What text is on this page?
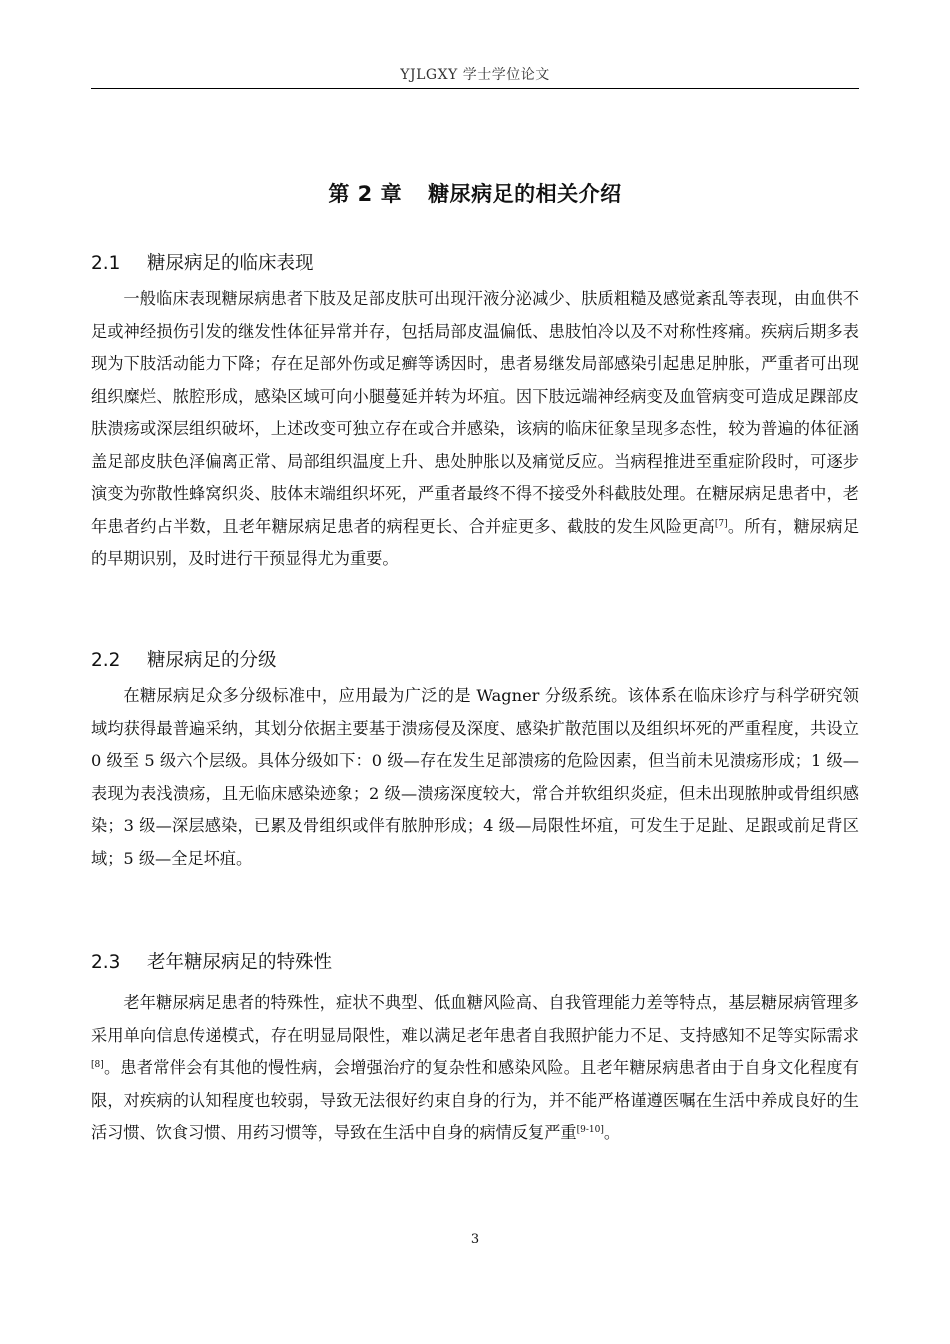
YJLGXY 学士学位论文
第 2 章 糖尿病足的相关介绍
2.1 糖尿病足的临床表现

一般临床表现糖尿病患者下肢及足部皮肤可出现汗液分泌减少、肤质粗糙及感觉紊乱等表现，由血供不足或神经损伤引发的继发性体征异常并存，包括局部皮温偏低、患肢怕冷以及不对称性疼痛。疾病后期多表现为下肢活动能力下降；存在足部外伤或足癣等诱因时，患者易继发局部感染引起患足肿胀，严重者可出现组织糜烂、脓腔形成，感染区域可向小腿蔓延并转为坏疽。因下肢远端神经病变及血管病变可造成足踝部皮肤溃疡或深层组织破坏，上述改变可独立存在或合并感染，该病的临床征象呈现多态性，较为普遍的体征涵盖足部皮肤色泽偏离正常、局部组织温度上升、患处肿胀以及痛觉反应。当病程推进至重症阶段时，可逐步演变为弥散性蜂窝织炎、肢体末端组织坏死，严重者最终不得不接受外科截肢处理。在糖尿病足患者中，老年患者约占半数，且老年糖尿病足患者的病程更长、合并症更多、截肢的发生风险更高[7]。所有，糖尿病足的早期识别，及时进行干预显得尤为重要。

2.2 糖尿病足的分级

在糖尿病足众多分级标准中，应用最为广泛的是 Wagner 分级系统。该体系在临床诊疗与科学研究领域均获得最普遍采纳，其划分依据主要基于溃疡侵及深度、感染扩散范围以及组织坏死的严重程度，共设立 0 级至 5 级六个层级。具体分级如下：0 级—存在发生足部溃疡的危险因素，但当前未见溃疡形成；1 级—表现为表浅溃疡，且无临床感染迹象；2 级—溃疡深度较大，常合并软组织炎症，但未出现脓肿或骨组织感染；3 级—深层感染，已累及骨组织或伴有脓肿形成；4 级—局限性坏疽，可发生于足趾、足跟或前足背区域；5 级—全足坏疽。

2.3 老年糖尿病足的特殊性

老年糖尿病足患者的特殊性，症状不典型、低血糖风险高、自我管理能力差等特点，基层糖尿病管理多采用单向信息传递模式，存在明显局限性，难以满足老年患者自我照护能力不足、支持感知不足等实际需求[8]。患者常伴会有其他的慢性病，会增强治疗的复杂性和感染风险。且老年糖尿病患者由于自身文化程度有限，对疾病的认知程度也较弱，导致无法很好约束自身的行为，并不能严格谨遵医嘱在生活中养成良好的生活习惯、饮食习惯、用药习惯等，导致在生活中自身的病情反复严重[9-10]。

3
